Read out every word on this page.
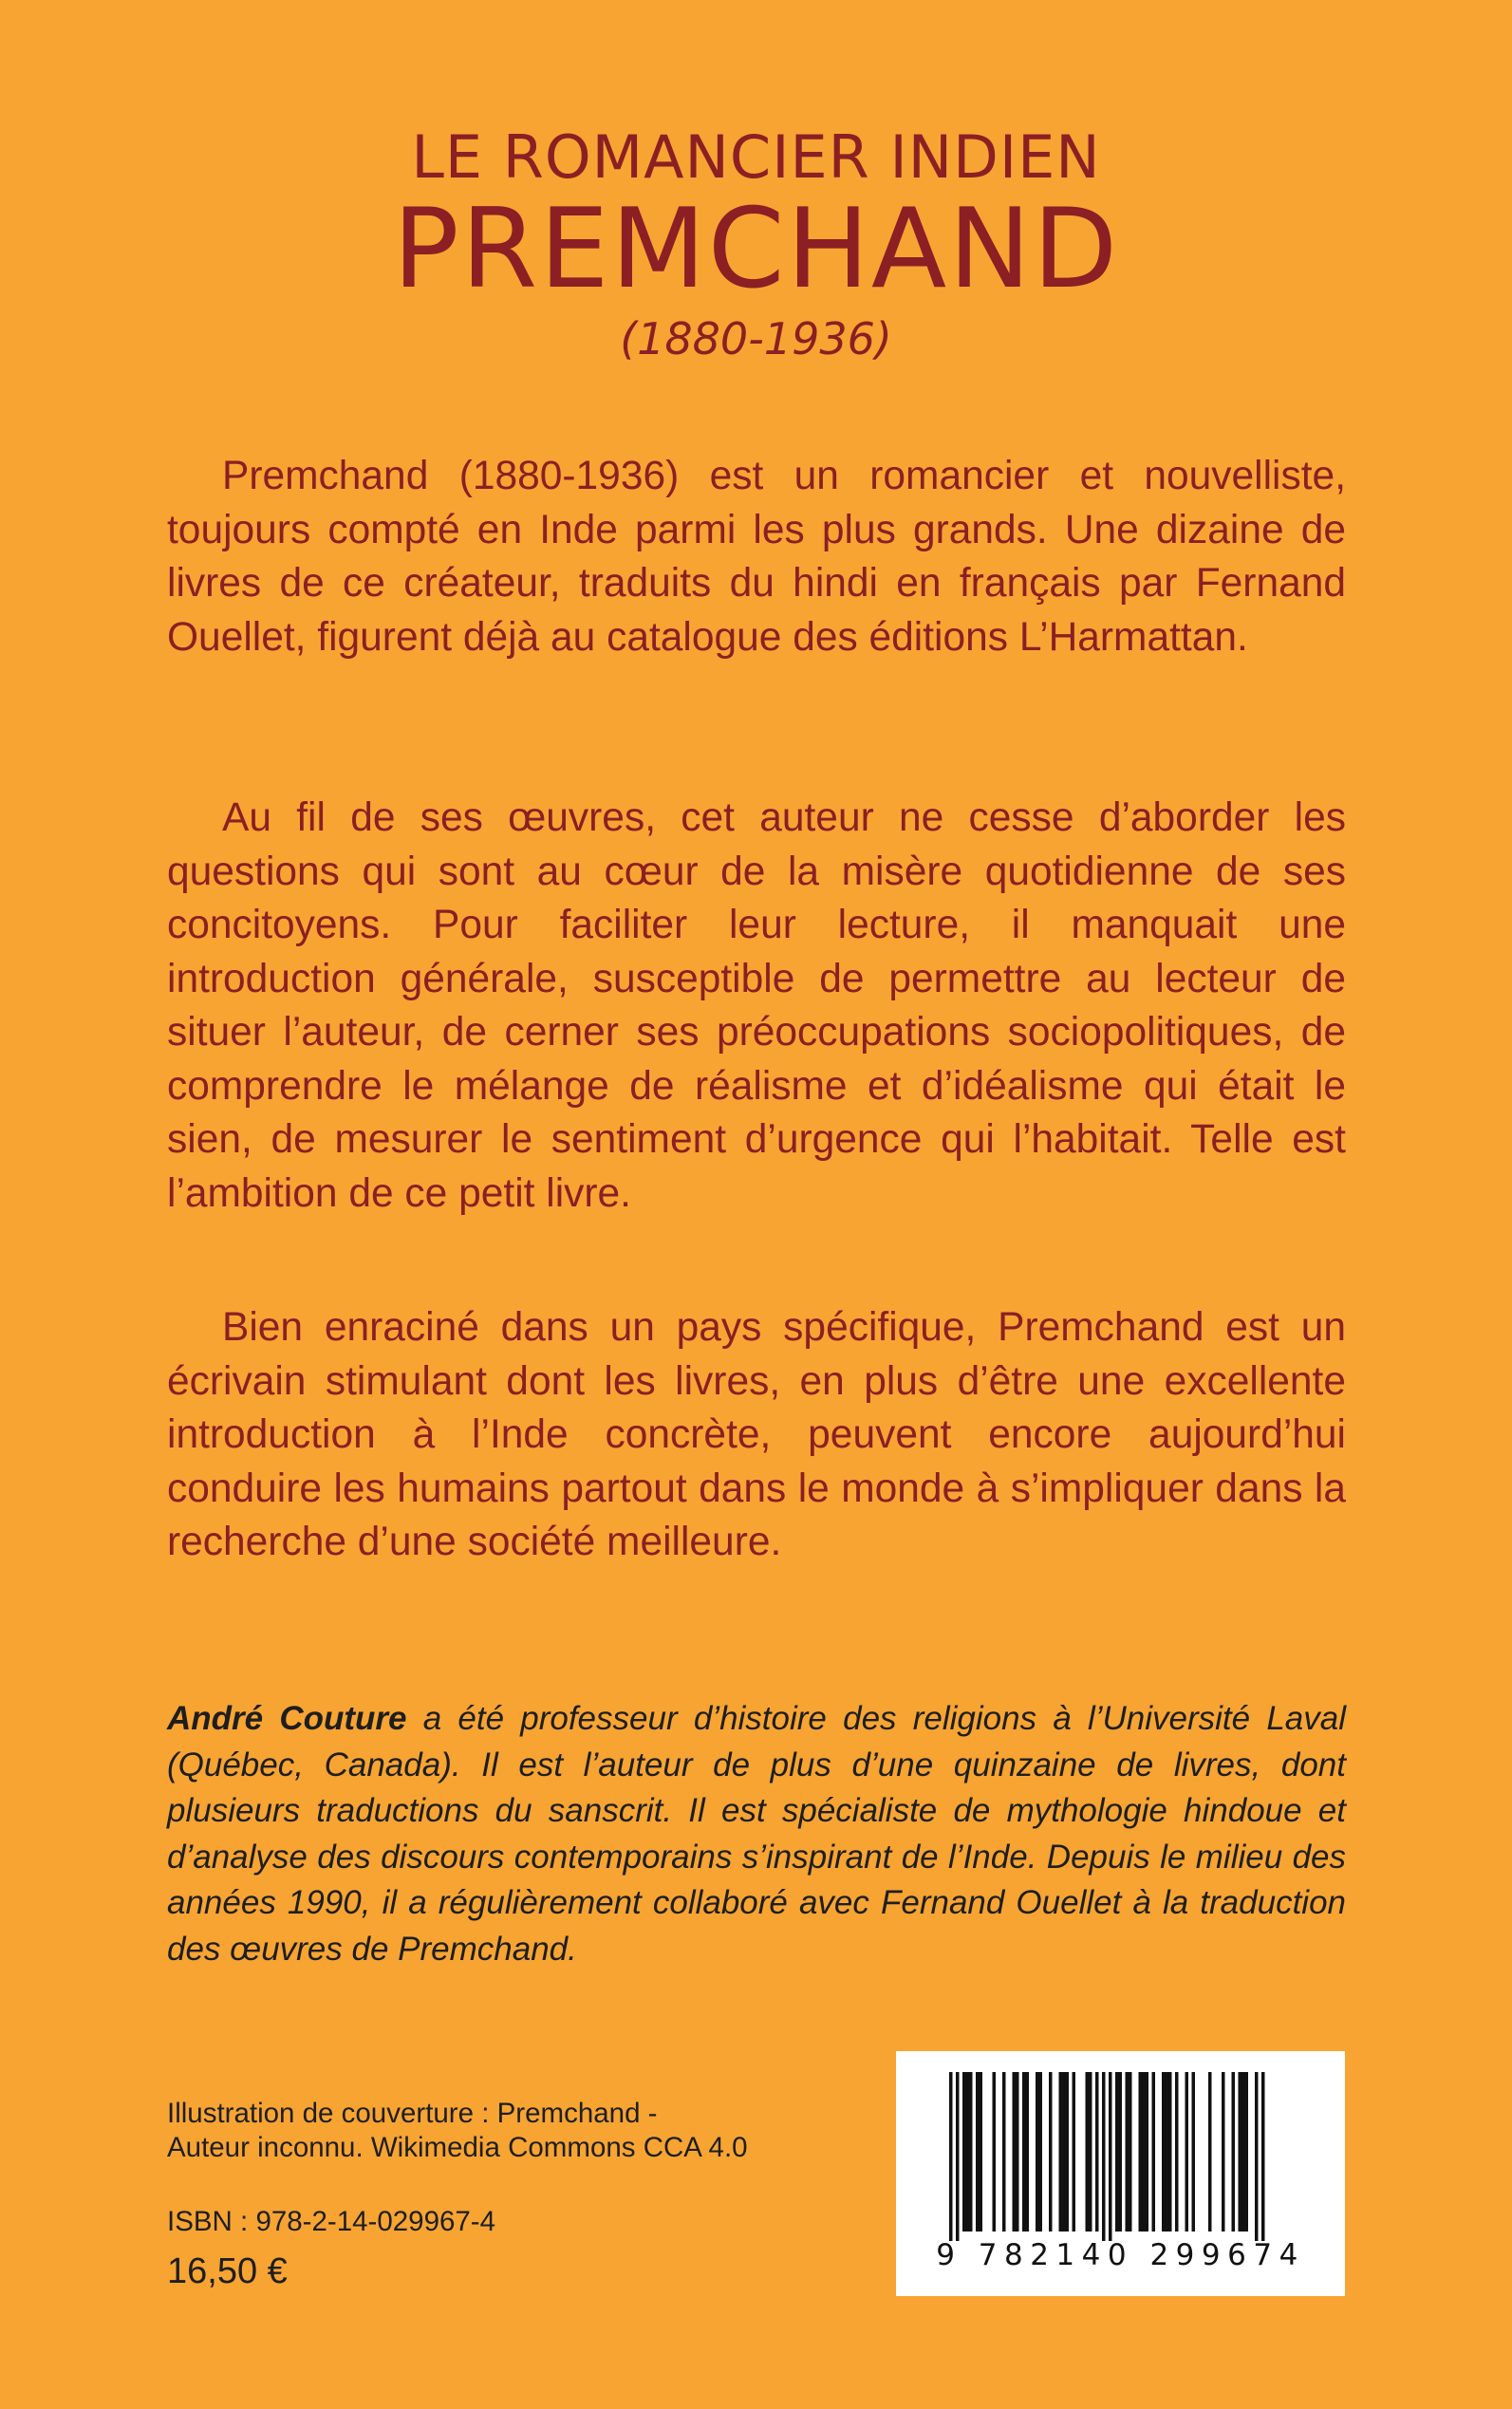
LE ROMANCIER INDIEN
PREMCHAND
(1880-1936)

Premchand (1880-1936) est un romancier et nouvelliste, toujours compté en Inde parmi les plus grands. Une dizaine de livres de ce créateur, traduits du hindi en français par Fernand Ouellet, figurent déjà au catalogue des éditions L’Harmattan.

Au fil de ses œuvres, cet auteur ne cesse d’aborder les questions qui sont au cœur de la misère quotidienne de ses concitoyens. Pour faciliter leur lecture, il manquait une introduction générale, susceptible de permettre au lecteur de situer l’auteur, de cerner ses préoccupations sociopolitiques, de comprendre le mélange de réalisme et d’idéalisme qui était le sien, de mesurer le sentiment d’urgence qui l’habitait. Telle est l’ambition de ce petit livre.

Bien enraciné dans un pays spécifique, Premchand est un écrivain stimulant dont les livres, en plus d’être une excellente introduction à l’Inde concrète, peuvent encore aujourd’hui conduire les humains partout dans le monde à s’impliquer dans la recherche d’une société meilleure.

André Couture a été professeur d’histoire des religions à l’Université Laval (Québec, Canada). Il est l’auteur de plus d’une quinzaine de livres, dont plusieurs traductions du sanscrit. Il est spécialiste de mythologie hindoue et d’analyse des discours contemporains s’inspirant de l’Inde. Depuis le milieu des années 1990, il a régulièrement collaboré avec Fernand Ouellet à la traduction des œuvres de Premchand.

Illustration de couverture : Premchand -
Auteur inconnu. Wikimedia Commons CCA 4.0
ISBN : 978-2-14-029967-4
16,50 €	9 782140 299674
